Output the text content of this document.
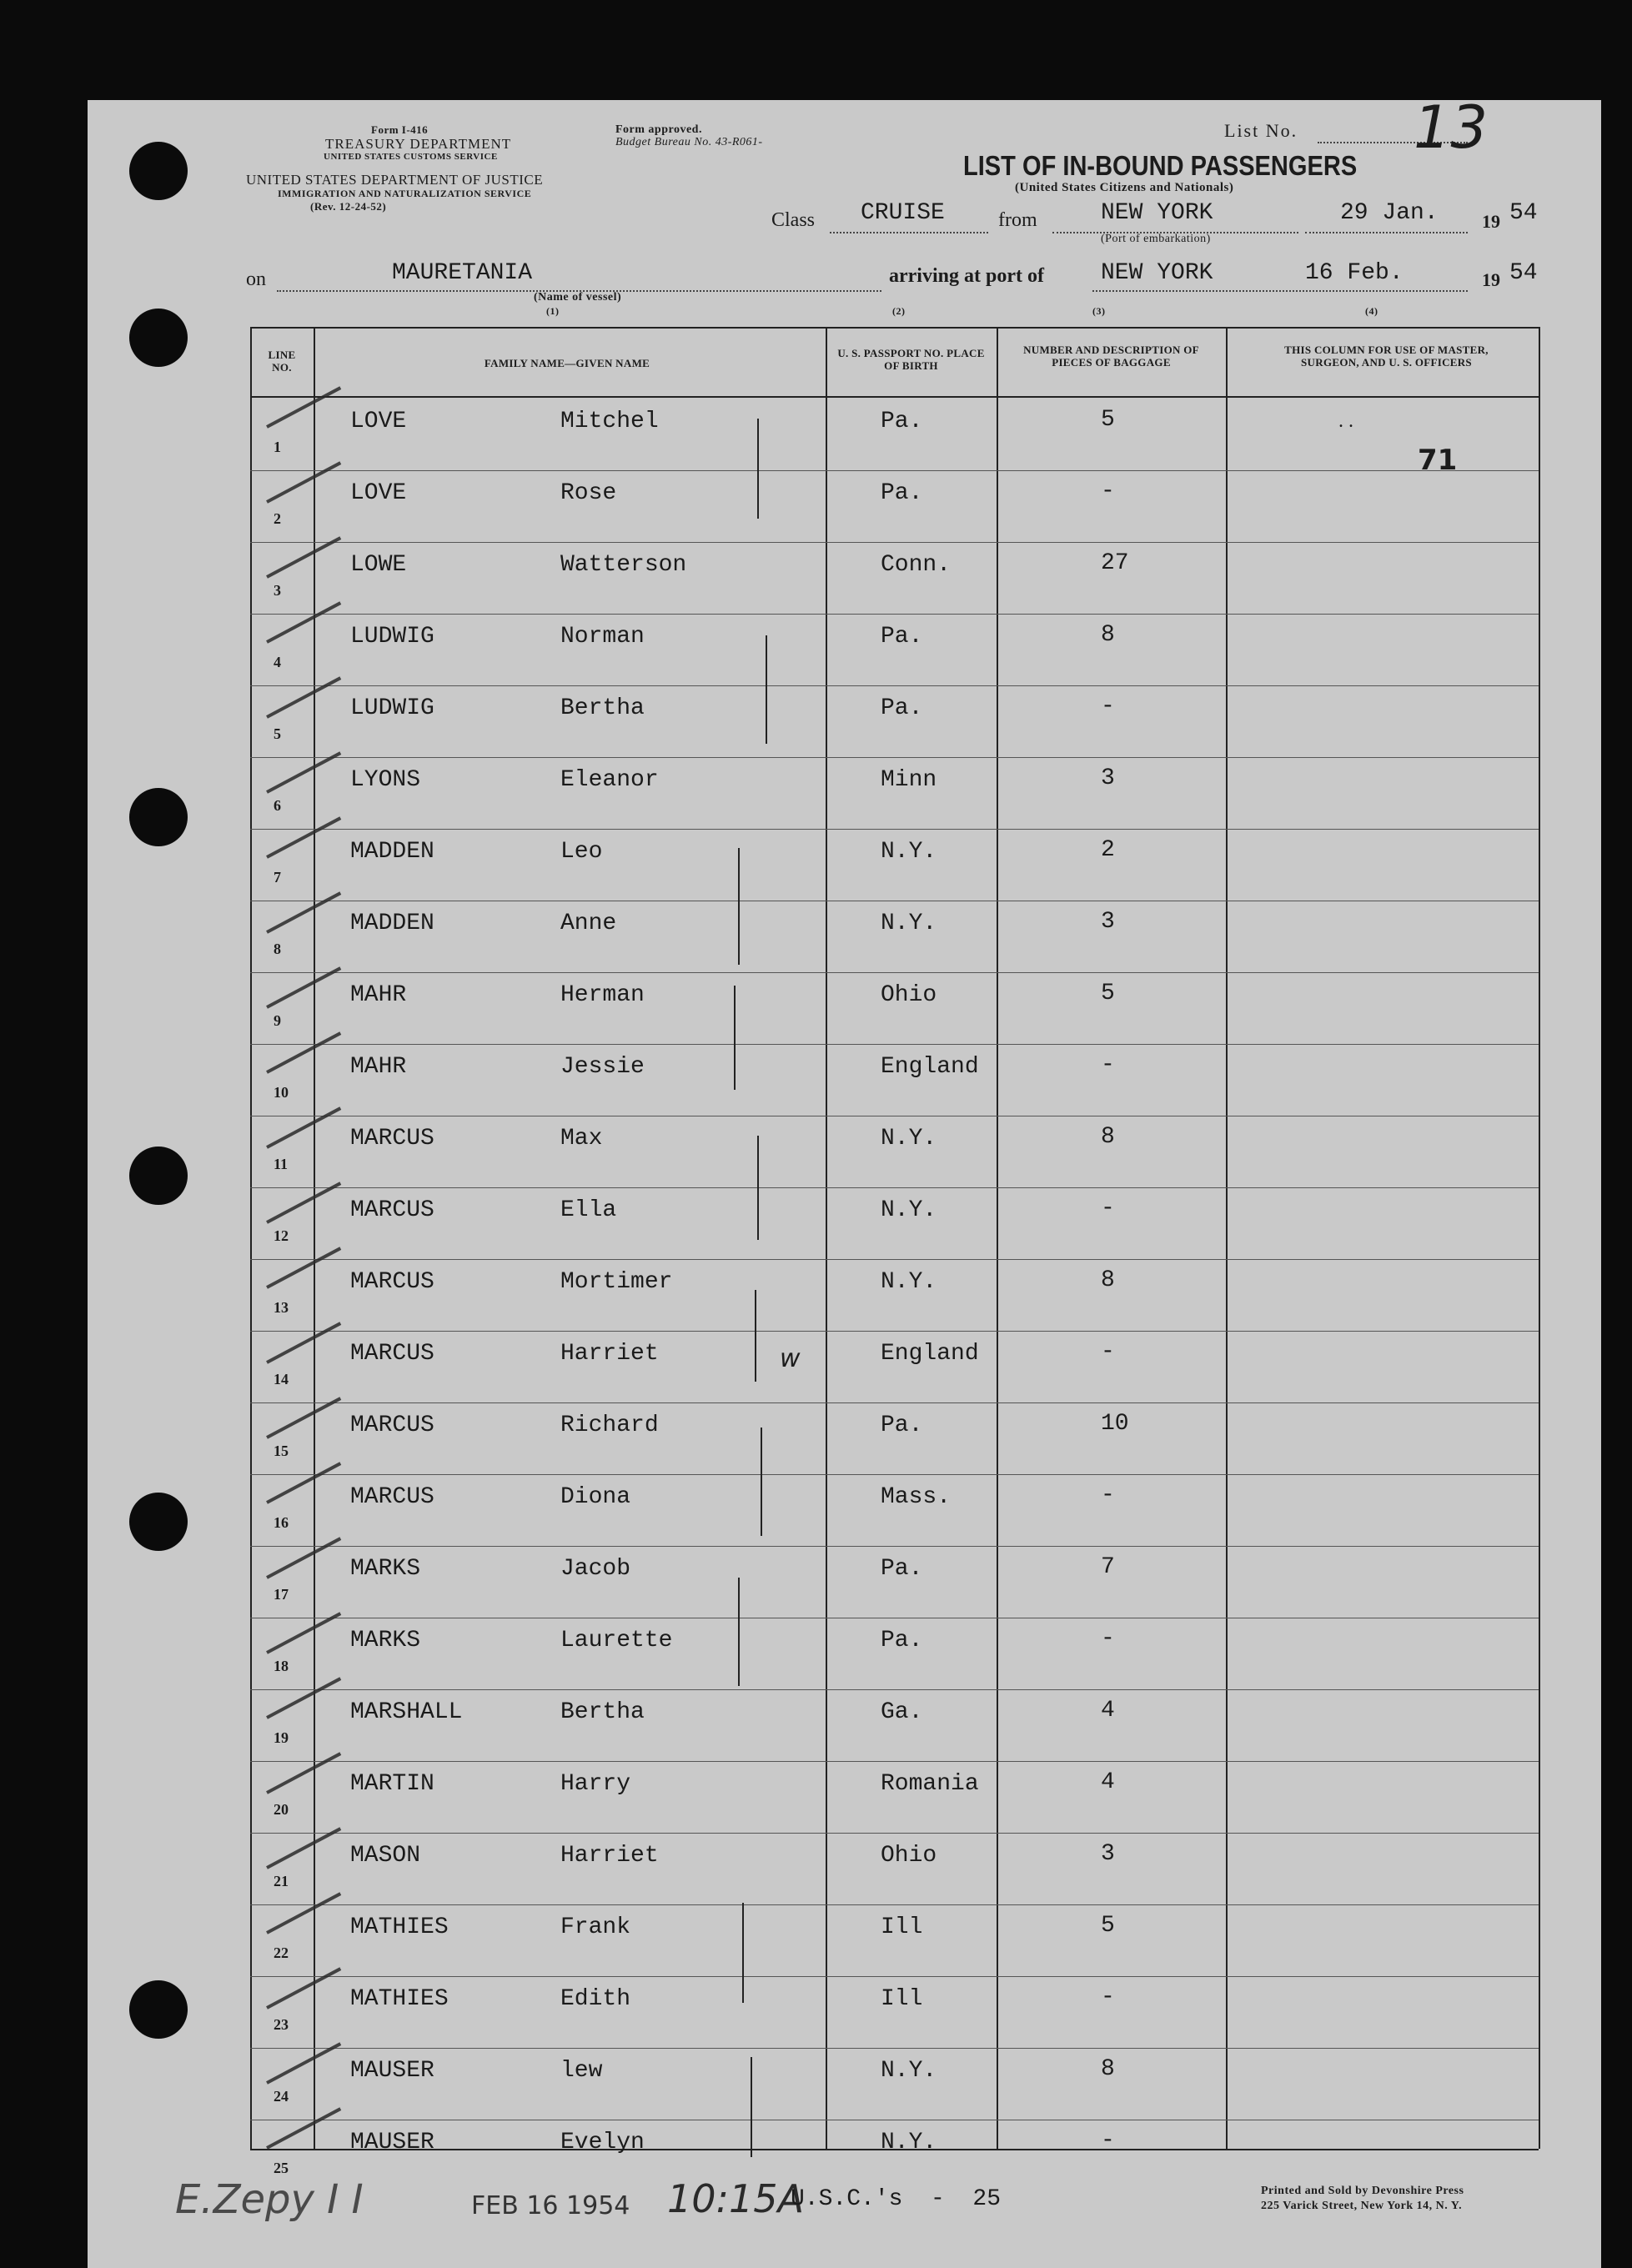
Form I-416
TREASURY DEPARTMENT
UNITED STATES CUSTOMS SERVICE
Form approved.
Budget Bureau No. 43-R061-
UNITED STATES DEPARTMENT OF JUSTICE
IMMIGRATION AND NATURALIZATION SERVICE
(Rev. 12-24-52)
List No. 13
LIST OF IN-BOUND PASSENGERS
(United States Citizens and Nationals)
Class CRUISE	from	NEW YORK
(Port of embarkation)
29 Jan. 19 54
on	MAURETANIA
(Name of vessel)
arriving at port of NEW YORK	16 Feb.	19 54
(1)	(2)	(3)	(4)
LINE NO.	FAMILY NAME—GIVEN NAME
U. S. PASSPORT NO. PLACE OF BIRTH
NUMBER AND DESCRIPTION OF PIECES OF BAGGAGE
THIS COLUMN FOR USE OF MASTER, SURGEON, AND U. S. OFFICERS
1
LOVE	Mitchel	Pa.	5
2
LOVE	Rose	Pa.	-
3
LOWE	Watterson	Conn.	27
4
LUDWIG	Norman	Pa.	8
5
LUDWIG	Bertha	Pa.	-
6
LYONS	Eleanor	Minn	3
7
MADDEN	Leo	N.Y.	2
8
MADDEN	Anne	N.Y.	3
9
MAHR	Herman	Ohio	5
10
MAHR	Jessie	England	-
11
MARCUS	Max	N.Y.	8
12
MARCUS	Ella	N.Y.	-
13
MARCUS	Mortimer	N.Y.	8
14
MARCUS	Harriet	England	-
15
MARCUS	Richard	Pa.	10
16
MARCUS	Diona	Mass.	-
17
MARKS	Jacob	Pa.	7
18
MARKS	Laurette	Pa.	-
19
MARSHALL	Bertha	Ga.	4
20
MARTIN	Harry	Romania	4
21
MASON	Harriet	Ohio	3
22
MATHIES	Frank	Ill	5
23
MATHIES	Edith	Ill	-
24
MAUSER	lew	N.Y.	8
25
MAUSER	Evelyn	N.Y.	-
71
. .
w
E.Zepy I I	FEB 16 1954 10:15A
U.S.C.'s  -  25	Printed and Sold by Devonshire Press
225 Varick Street, New York 14, N. Y.
